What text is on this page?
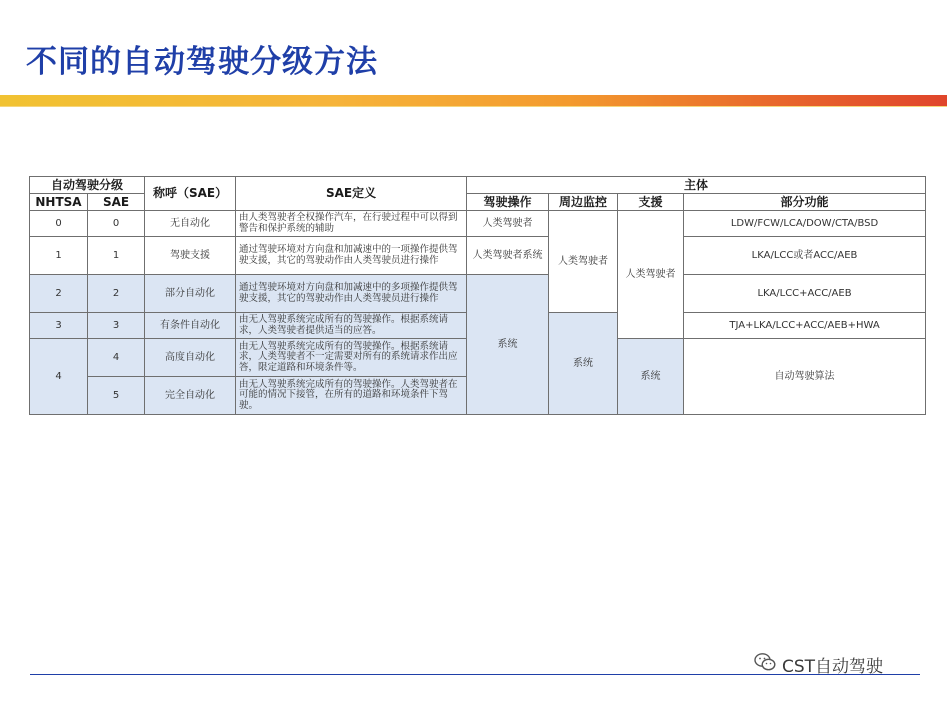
不同的自动驾驶分级方法
自动驾驶分级		称呼（SAE）	SAE定义	主体			
NHTSA	SAE			驾驶操作	周边监控	支援	部分功能
0	0	无自动化	由人类驾驶者全权操作汽车，在行驶过程中可以得到警告和保护系统的辅助	人类驾驶者	人类驾驶者	人类驾驶者	LDW/FCW/LCA/DOW/CTA/BSD
1	1	驾驶支援	通过驾驶环境对方向盘和加减速中的一项操作提供驾驶支援，其它的驾驶动作由人类驾驶员进行操作	人类驾驶者系统			LKA/LCC或者ACC/AEB
2	2	部分自动化	通过驾驶环境对方向盘和加减速中的多项操作提供驾驶支援，其它的驾驶动作由人类驾驶员进行操作	系统			LKA/LCC+ACC/AEB
3	3	有条件自动化	由无人驾驶系统完成所有的驾驶操作。根据系统请求，人类驾驶者提供适当的应答。		系统		TJA+LKA/LCC+ACC/AEB+HWA
4	4	高度自动化	由无人驾驶系统完成所有的驾驶操作。根据系统请求，人类驾驶者不一定需要对所有的系统请求作出应答，限定道路和环境条件等。			系统	自动驾驶算法
	5	完全自动化	由无人驾驶系统完成所有的驾驶操作。人类驾驶者在可能的情况下接管，在所有的道路和环境条件下驾驶。				
CST自动驾驶
